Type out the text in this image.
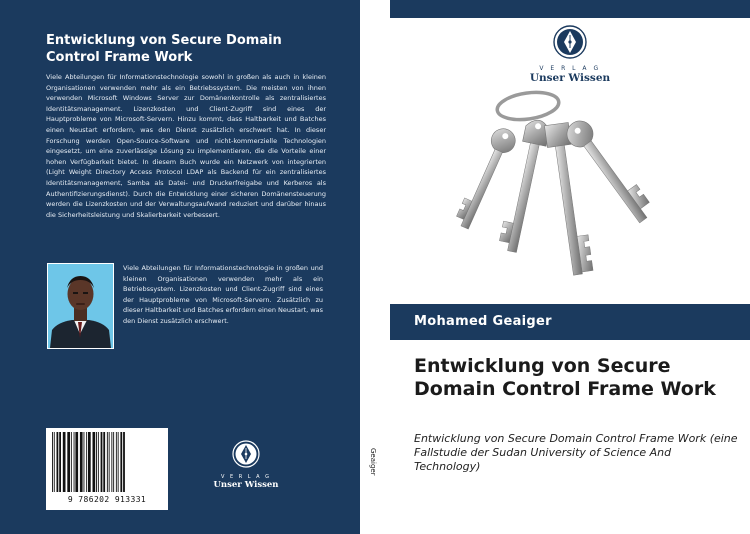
Entwicklung von Secure Domain Control Frame Work
Viele Abteilungen für Informationstechnologie sowohl in großen als auch in kleinen Organisationen verwenden mehr als ein Betriebssystem. Die meisten von ihnen verwenden Microsoft Windows Server zur Domänenkontrolle als zentralisiertes Identitätsmanagement. Lizenzkosten und Client-Zugriff sind eines der Hauptprobleme von Microsoft-Servern. Hinzu kommt, dass Haltbarkeit und Batches einen Neustart erfordern, was den Dienst zusätzlich erschwert hat. In dieser Forschung werden Open-Source-Software und nicht-kommerzielle Technologien eingesetzt, um eine zuverlässige Lösung zu implementieren, die die Vorteile einer hohen Verfügbarkeit bietet. In diesem Buch wurde ein Netzwerk von integrierten (Light Weight Directory Access Protocol LDAP als Backend für ein zentralisiertes Identitätsmanagement, Samba als Datei- und Druckerfreigabe und Kerberos als Authentifizierungsdienst). Durch die Entwicklung einer sicheren Domänensteuerung werden die Lizenzkosten und der Verwaltungsaufwand reduziert und darüber hinaus die Sicherheitsleistung und Skalierbarkeit verbessert.
Viele Abteilungen für Informationstechnologie in großen und kleinen Organisationen verwenden mehr als ein Betriebssystem. Lizenzkosten und Client-Zugriff sind eines der Hauptprobleme von Microsoft-Servern. Zusätzlich zu dieser Haltbarkeit und Batches erfordern einen Neustart, was den Dienst zusätzlich erschwert.
9 786202 913331
V E R L A G
Unser Wissen
Geaiger
V E R L A G
Unser Wissen
Mohamed Geaiger
Entwicklung von Secure Domain Control Frame Work
Entwicklung von Secure Domain Control Frame Work (eine Fallstudie der Sudan University of Science And Technology)
